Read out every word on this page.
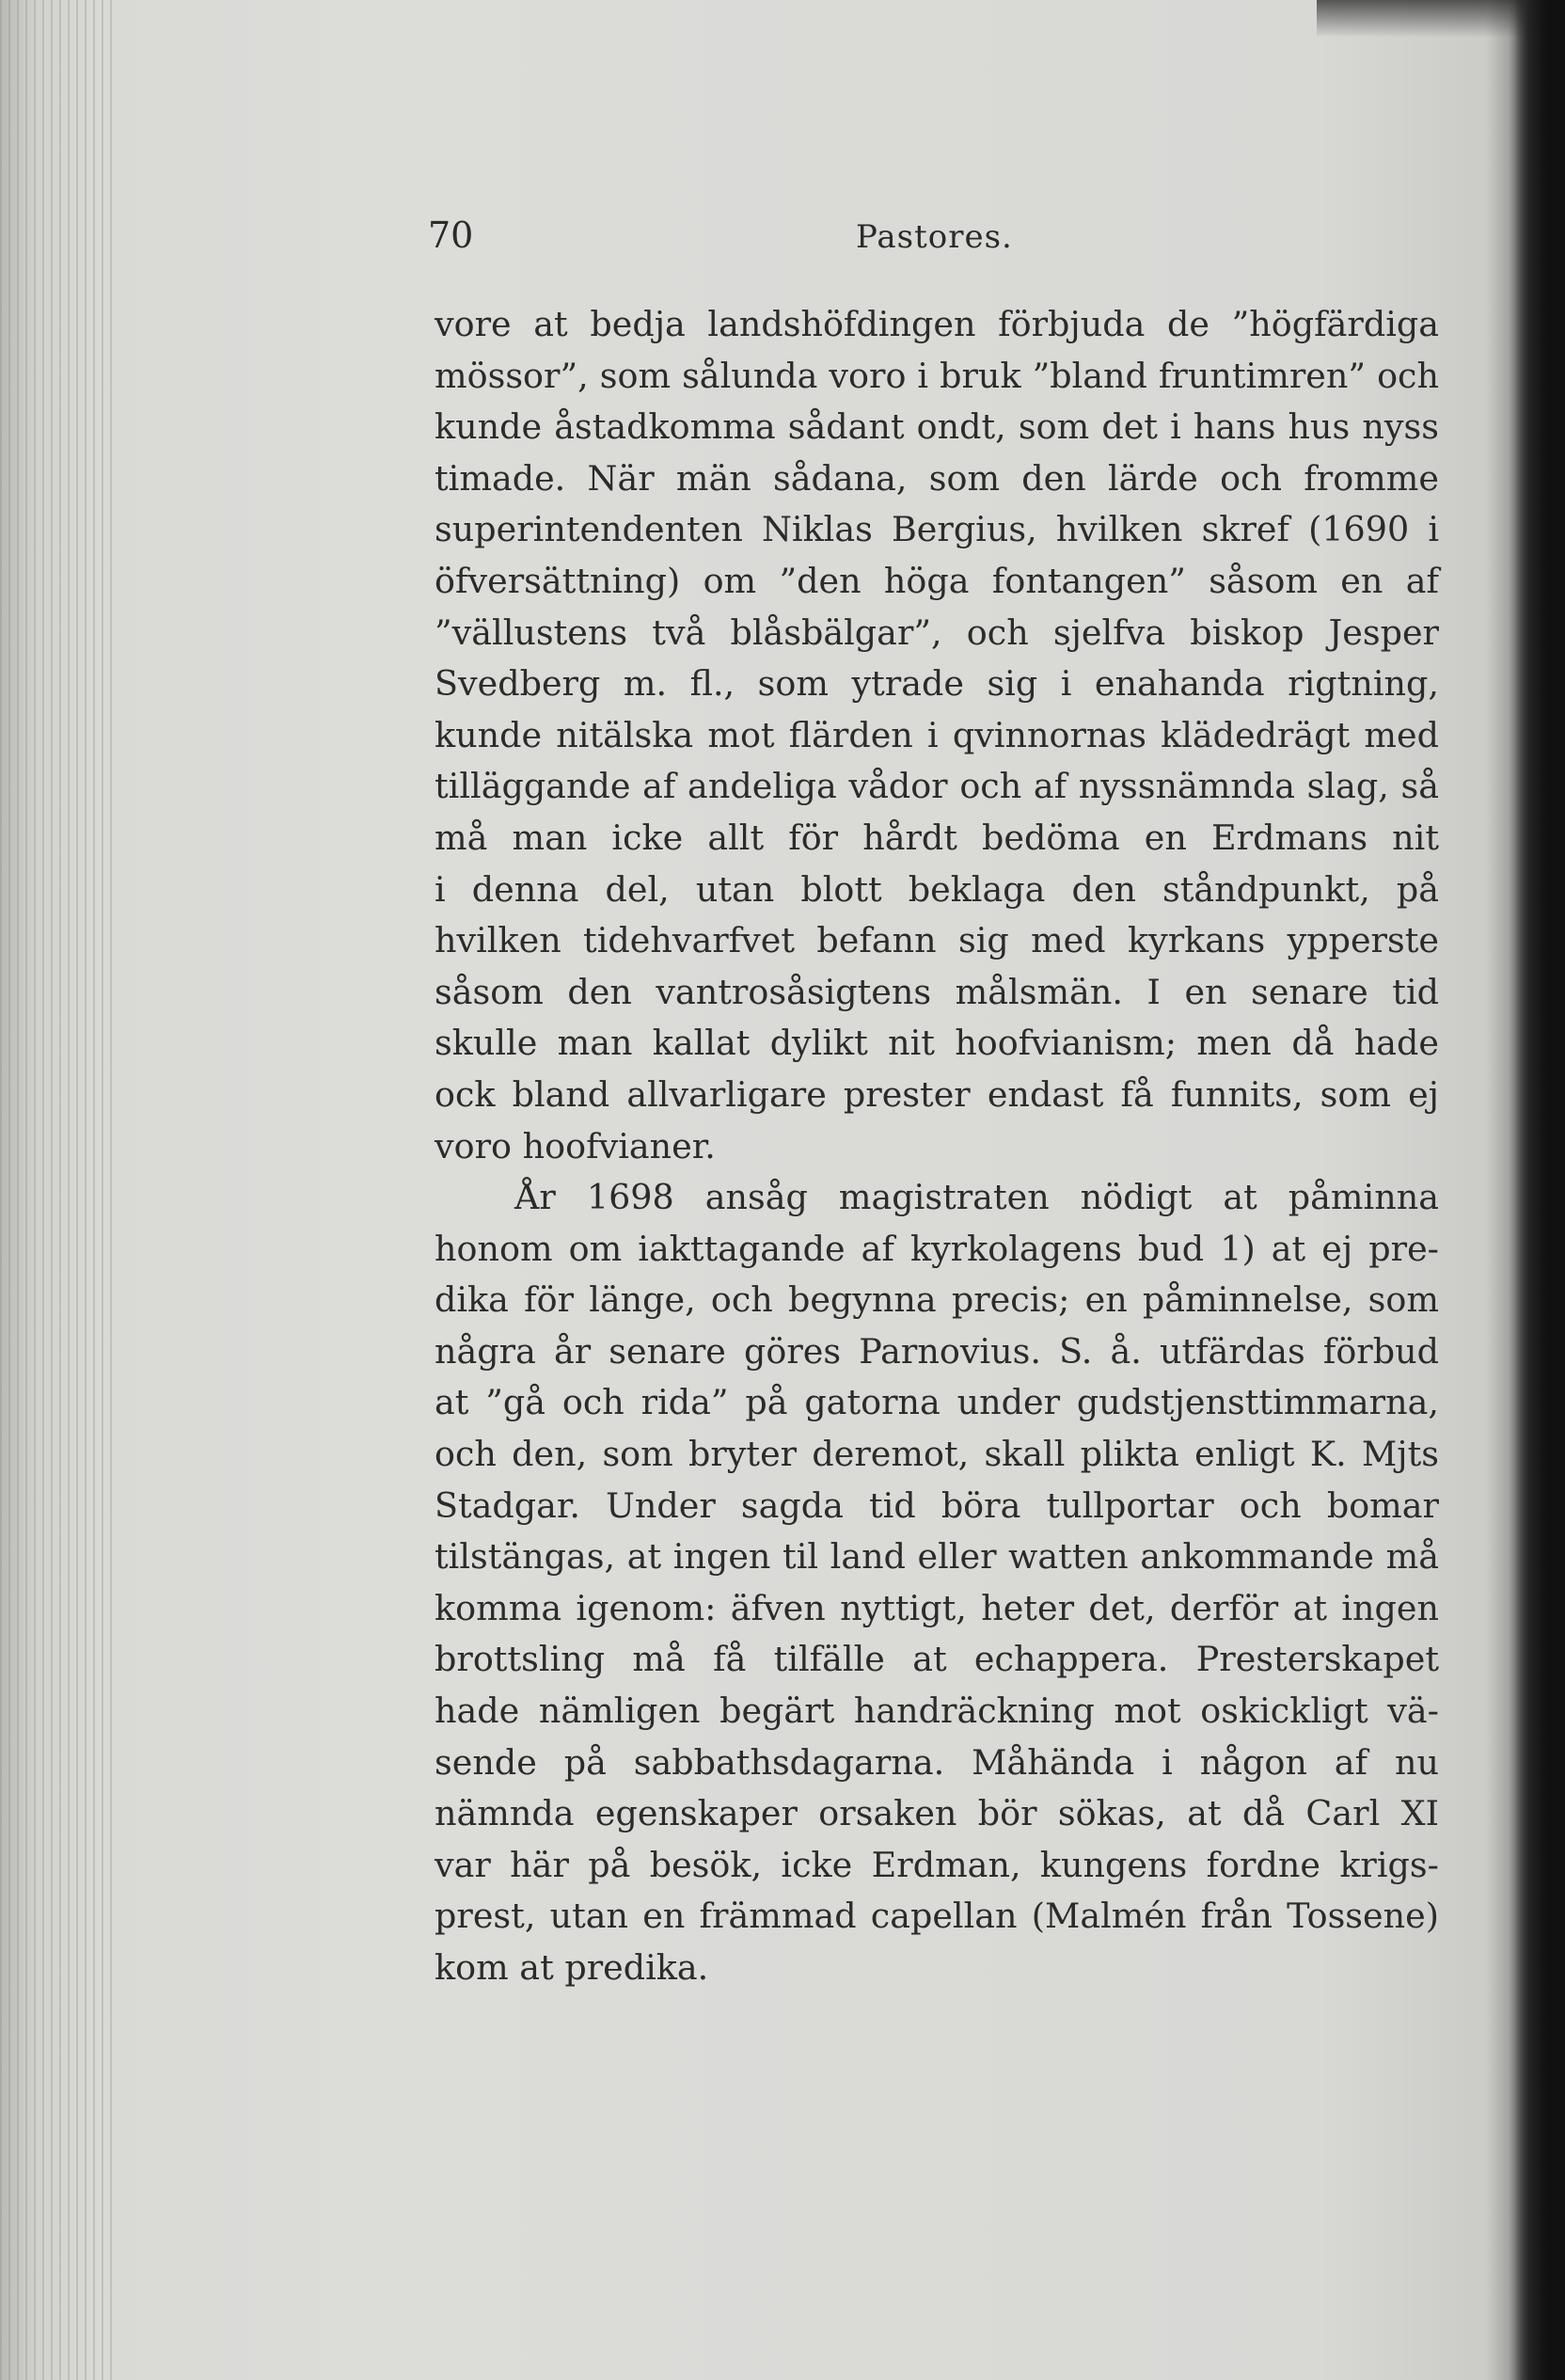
70	Pastores.
vore at bedja landshöfdingen förbjuda de ”högfärdiga
mössor”, som sålunda voro i bruk ”bland fruntimren” och
kunde åstadkomma sådant ondt, som det i hans hus nyss
timade. När män sådana, som den lärde och fromme
superintendenten Niklas Bergius, hvilken skref (1690 i
öfversättning) om ”den höga fontangen” såsom en af
”vällustens två blåsbälgar”, och sjelfva biskop Jesper
Svedberg m. fl., som ytrade sig i enahanda rigtning,
kunde nitälska mot flärden i qvinnornas klädedrägt med
tilläggande af andeliga vådor och af nyssnämnda slag, så
må man icke allt för hårdt bedöma en Erdmans nit
i denna del, utan blott beklaga den ståndpunkt, på
hvilken tidehvarfvet befann sig med kyrkans ypperste
såsom den vantrosåsigtens målsmän. I en senare tid
skulle man kallat dylikt nit hoofvianism; men då hade
ock bland allvarligare prester endast få funnits, som ej
voro hoofvianer.
År 1698 ansåg magistraten nödigt at påminna
honom om iakttagande af kyrkolagens bud 1) at ej pre-
dika för länge, och begynna precis; en påminnelse, som
några år senare göres Parnovius. S. å. utfärdas förbud
at ”gå och rida” på gatorna under gudstjensttimmarna,
och den, som bryter deremot, skall plikta enligt K. Mjts
Stadgar. Under sagda tid böra tullportar och bomar
tilstängas, at ingen til land eller watten ankommande må
komma igenom: äfven nyttigt, heter det, derför at ingen
brottsling må få tilfälle at echappera. Presterskapet
hade nämligen begärt handräckning mot oskickligt vä-
sende på sabbathsdagarna. Måhända i någon af nu
nämnda egenskaper orsaken bör sökas, at då Carl XI
var här på besök, icke Erdman, kungens fordne krigs-
prest, utan en främmad capellan (Malmén från Tossene)
kom at predika.
